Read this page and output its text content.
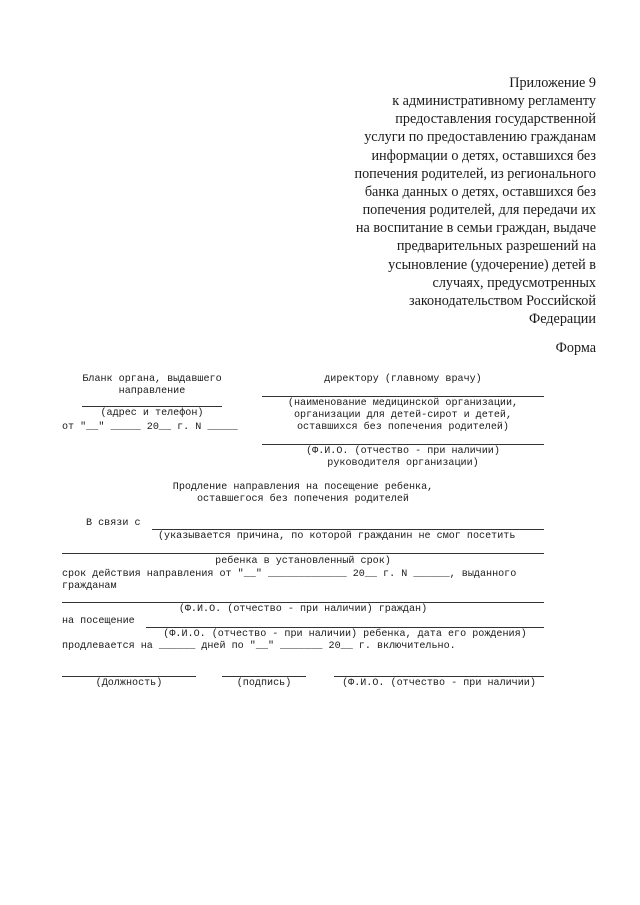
Приложение 9
к административному регламенту
предоставления государственной
услуги по предоставлению гражданам
информации о детях, оставшихся без
попечения родителей, из регионального
банка данных о детях, оставшихся без
попечения родителей, для передачи их
на воспитание в семьи граждан, выдаче
предварительных разрешений на
усыновление (удочерение) детей в
случаях, предусмотренных
законодательством Российской
Федерации
Форма
Бланк органа, выдавшего
направление
(адрес и телефон)
от "__" _____ 20__ г. N _____
директору (главному врачу)
(наименование медицинской организации,
организации для детей-сирот и детей,
оставшихся без попечения родителей)
(Ф.И.О. (отчество - при наличии)
руководителя организации)
Продление направления на посещение ребенка,
оставшегося без попечения родителей
В связи с
(указывается причина, по которой гражданин не смог посетить
ребенка в установленный срок)
срок действия направления от "__" _____________ 20__ г. N ______, выданного
гражданам
(Ф.И.О. (отчество - при наличии) граждан)
на посещение
(Ф.И.О. (отчество - при наличии) ребенка, дата его рождения)
продлевается на ______ дней по "__" _______ 20__ г. включительно.
(Должность)	(подпись)	(Ф.И.О. (отчество - при наличии)
